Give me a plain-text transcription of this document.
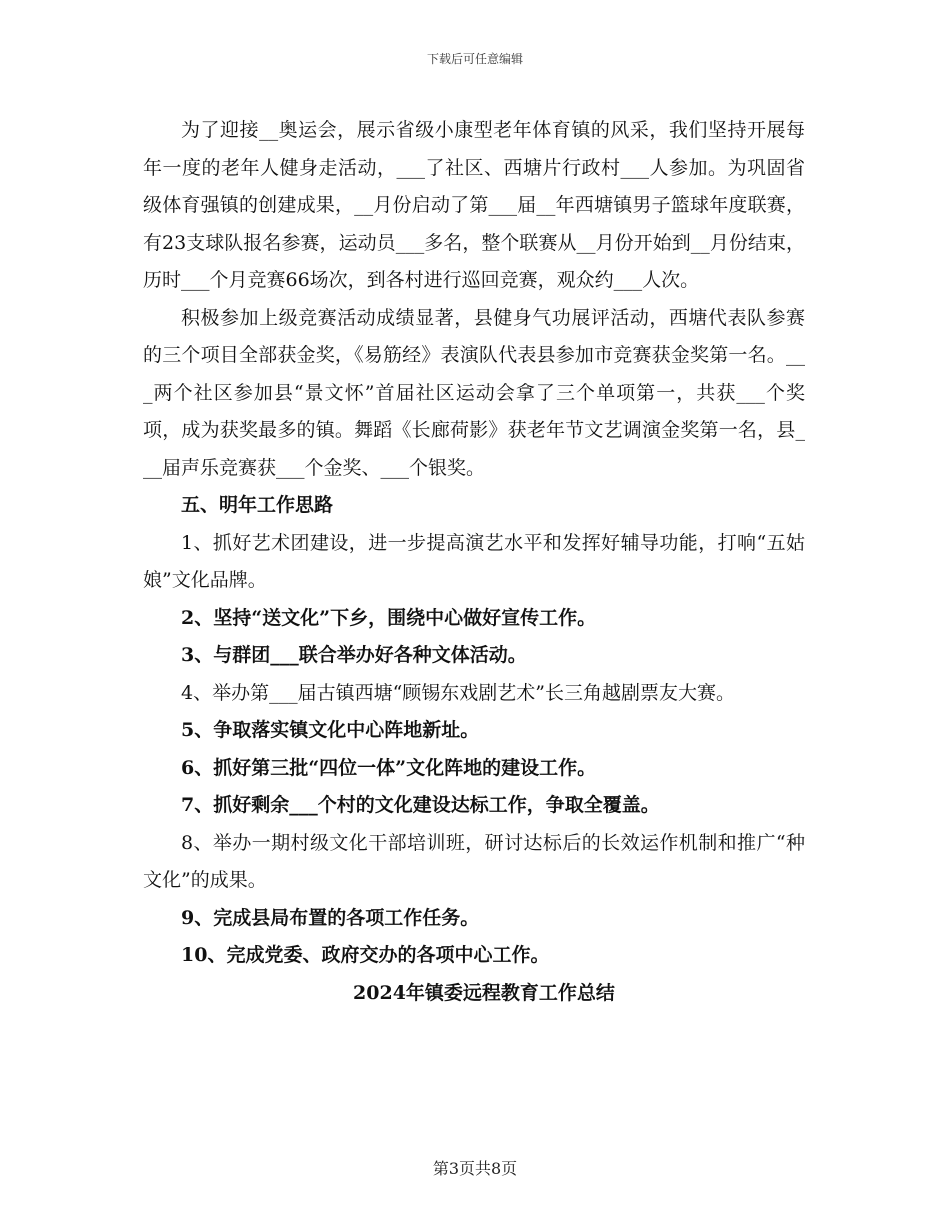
下载后可任意编辑

为了迎接__奥运会，展示省级小康型老年体育镇的风采，我们坚持开展每年一度的老年人健身走活动，___了社区、西塘片行政村___人参加。为巩固省级体育强镇的创建成果，__月份启动了第___届__年西塘镇男子篮球年度联赛，有23支球队报名参赛，运动员___多名，整个联赛从__月份开始到__月份结束，历时___个月竞赛66场次，到各村进行巡回竞赛，观众约___人次。

积极参加上级竞赛活动成绩显著，县健身气功展评活动，西塘代表队参赛的三个项目全部获金奖，《易筋经》表演队代表县参加市竞赛获金奖第一名。___两个社区参加县“景文怀”首届社区运动会拿了三个单项第一，共获___个奖项，成为获奖最多的镇。舞蹈《长廊荷影》获老年节文艺调演金奖第一名，县___届声乐竞赛获___个金奖、___个银奖。

五、明年工作思路

1、抓好艺术团建设，进一步提高演艺水平和发挥好辅导功能，打响“五姑娘”文化品牌。

2、坚持“送文化”下乡，围绕中心做好宣传工作。

3、与群团___联合举办好各种文体活动。

4、举办第___届古镇西塘“顾锡东戏剧艺术”长三角越剧票友大赛。

5、争取落实镇文化中心阵地新址。

6、抓好第三批“四位一体”文化阵地的建设工作。

7、抓好剩余___个村的文化建设达标工作，争取全覆盖。

8、举办一期村级文化干部培训班，研讨达标后的长效运作机制和推广“种文化”的成果。

9、完成县局布置的各项工作任务。

10、完成党委、政府交办的各项中心工作。

2024年镇委远程教育工作总结
第3页共8页
